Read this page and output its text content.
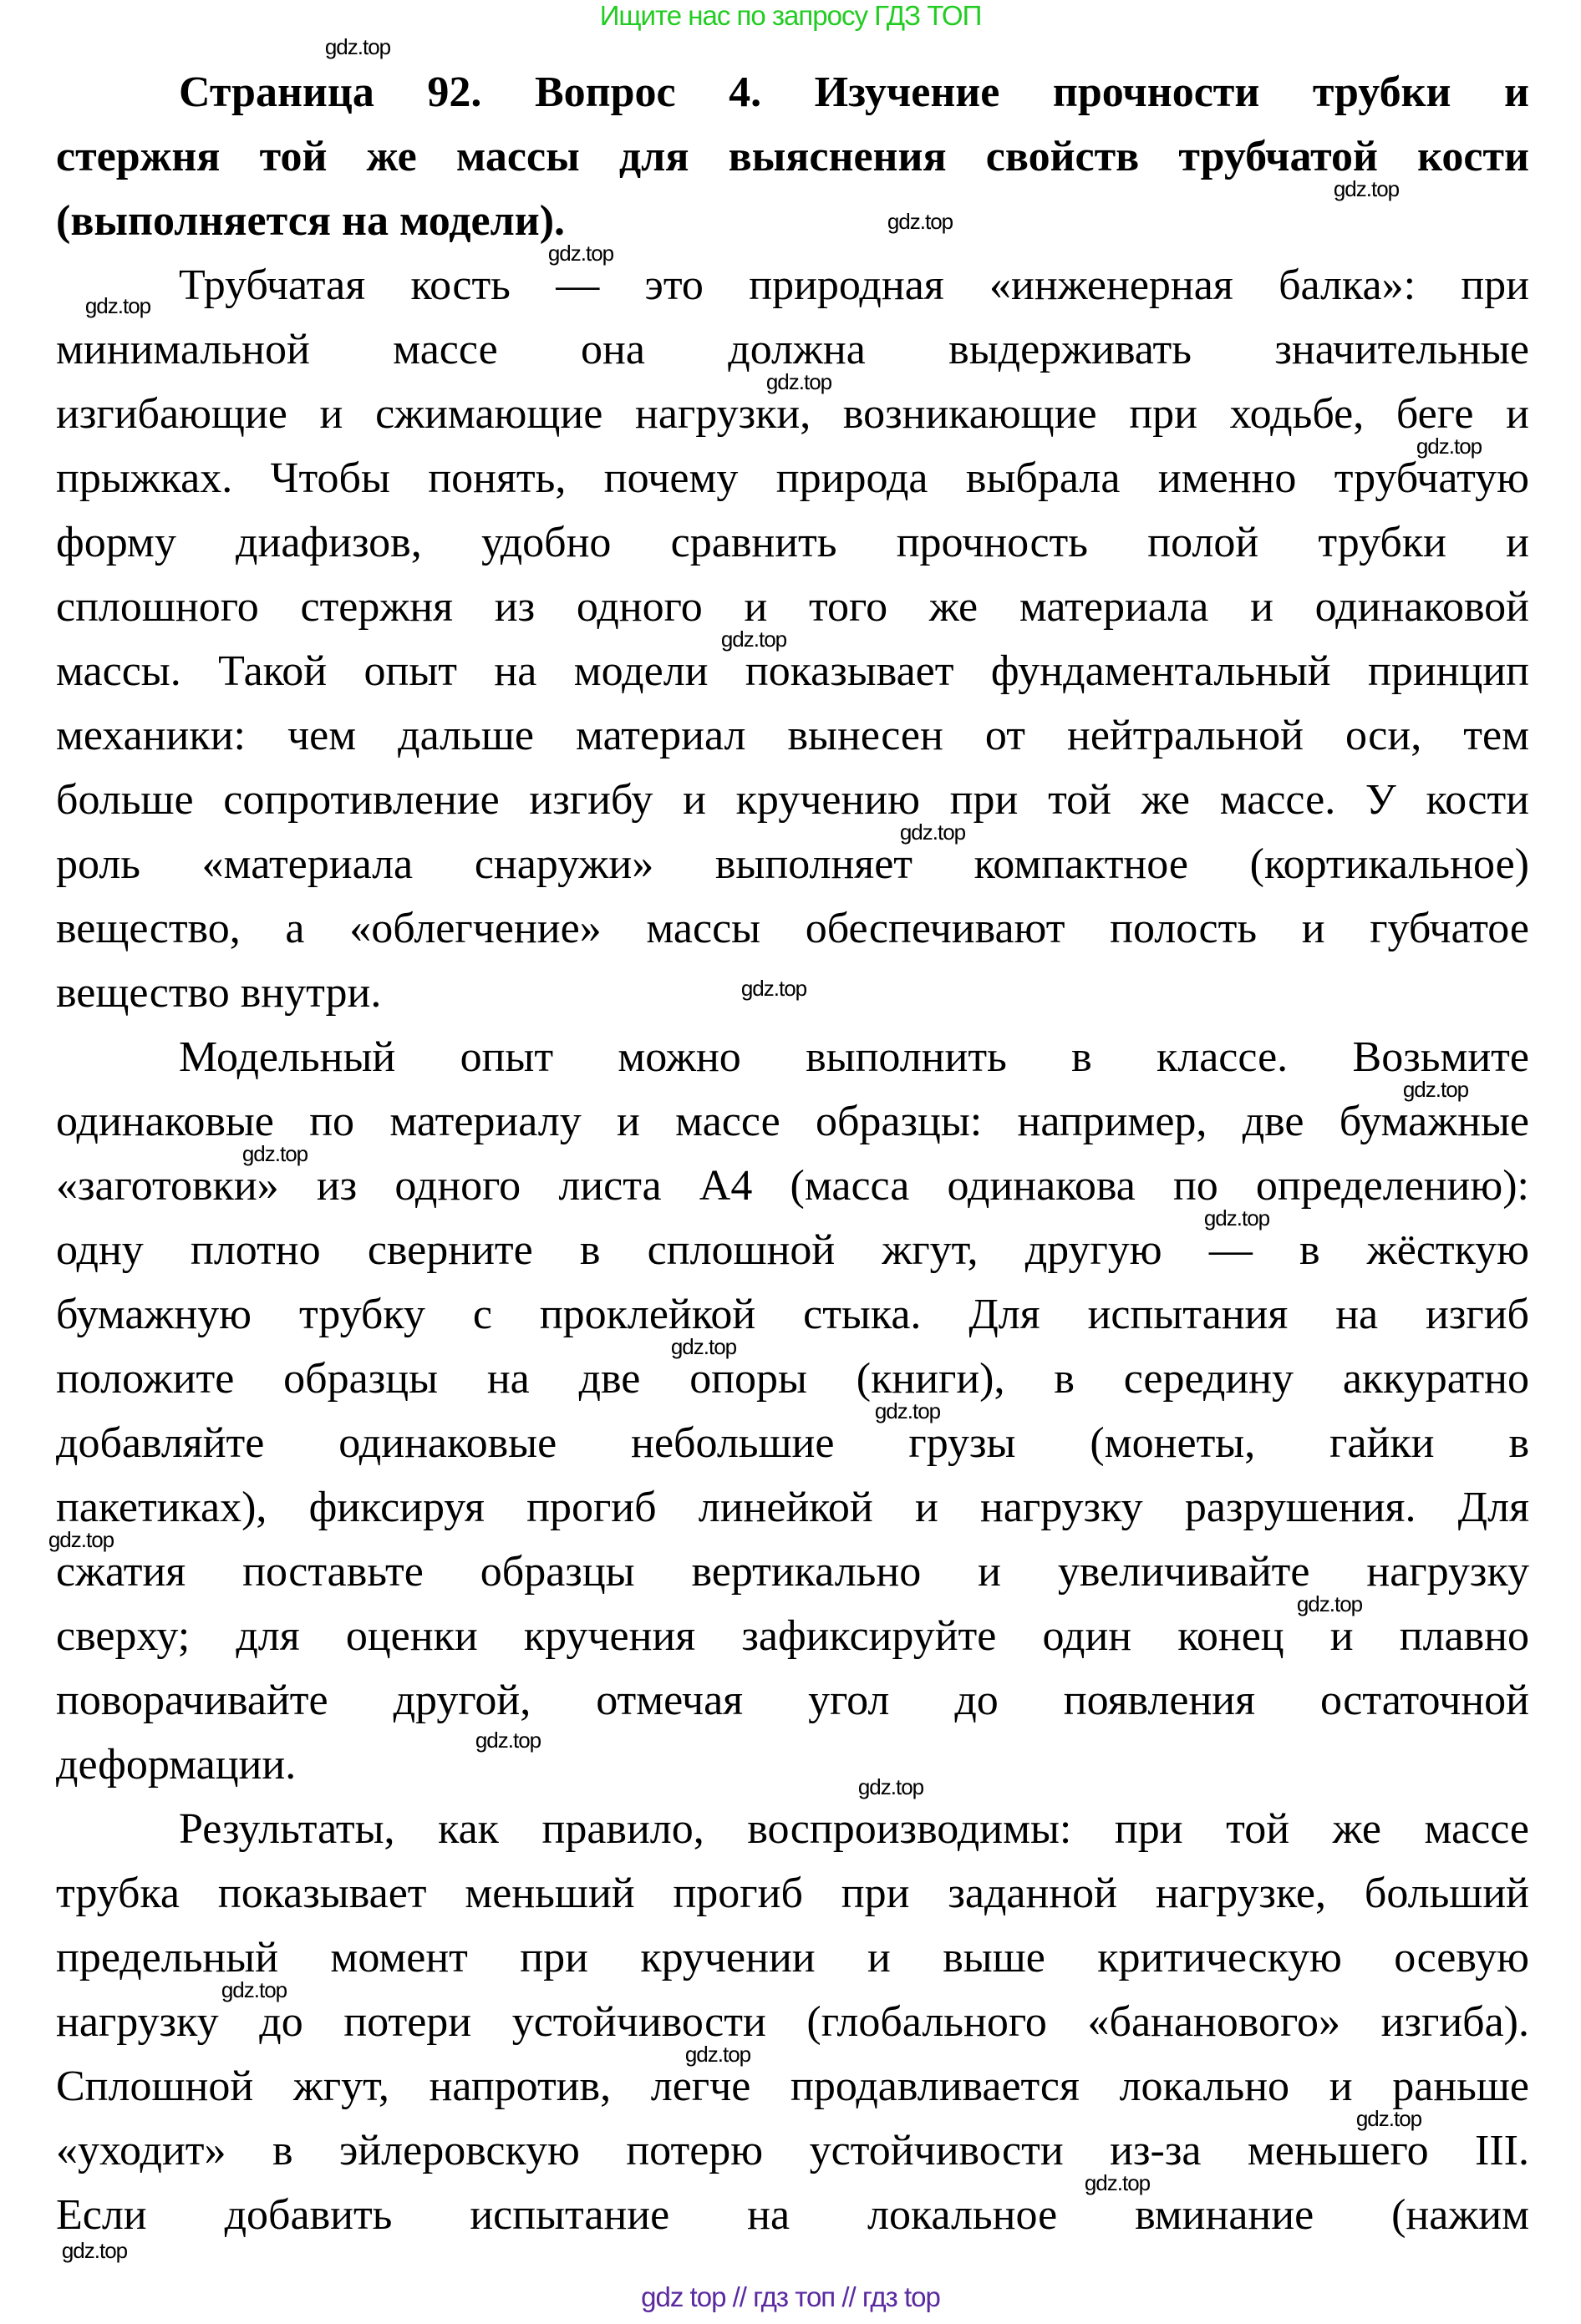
Ищите нас по запросу ГДЗ ТОП
Страница 92. Вопрос 4. Изучение прочности трубки и
стержня той же массы для выяснения свойств трубчатой кости
(выполняется на модели).
Трубчатая кость — это природная «инженерная балка»: при
минимальной массе она должна выдерживать значительные
изгибающие и сжимающие нагрузки, возникающие при ходьбе, беге и
прыжках. Чтобы понять, почему природа выбрала именно трубчатую
форму диафизов, удобно сравнить прочность полой трубки и
сплошного стержня из одного и того же материала и одинаковой
массы. Такой опыт на модели показывает фундаментальный принцип
механики: чем дальше материал вынесен от нейтральной оси, тем
больше сопротивление изгибу и кручению при той же массе. У кости
роль «материала снаружи» выполняет компактное (кортикальное)
вещество, а «облегчение» массы обеспечивают полость и губчатое
вещество внутри.
Модельный опыт можно выполнить в классе. Возьмите
одинаковые по материалу и массе образцы: например, две бумажные
«заготовки» из одного листа А4 (масса одинакова по определению):
одну плотно сверните в сплошной жгут, другую — в жёсткую
бумажную трубку с проклейкой стыка. Для испытания на изгиб
положите образцы на две опоры (книги), в середину аккуратно
добавляйте одинаковые небольшие грузы (монеты, гайки в
пакетиках), фиксируя прогиб линейкой и нагрузку разрушения. Для
сжатия поставьте образцы вертикально и увеличивайте нагрузку
сверху; для оценки кручения зафиксируйте один конец и плавно
поворачивайте другой, отмечая угол до появления остаточной
деформации.
Результаты, как правило, воспроизводимы: при той же массе
трубка показывает меньший прогиб при заданной нагрузке, больший
предельный момент при кручении и выше критическую осевую
нагрузку до потери устойчивости (глобального «бананового» изгиба).
Сплошной жгут, напротив, легче продавливается локально и раньше
«уходит» в эйлеровскую потерю устойчивости из-за меньшего III.
Если добавить испытание на локальное вминание (нажим
gdz.top
gdz.top
gdz.top
gdz.top
gdz.top
gdz.top
gdz.top
gdz.top
gdz.top
gdz.top
gdz.top
gdz.top
gdz.top
gdz.top
gdz.top
gdz.top
gdz.top
gdz.top
gdz.top
gdz.top
gdz.top
gdz.top
gdz.top
gdz.top
gdz top // гдз топ // гдз top
